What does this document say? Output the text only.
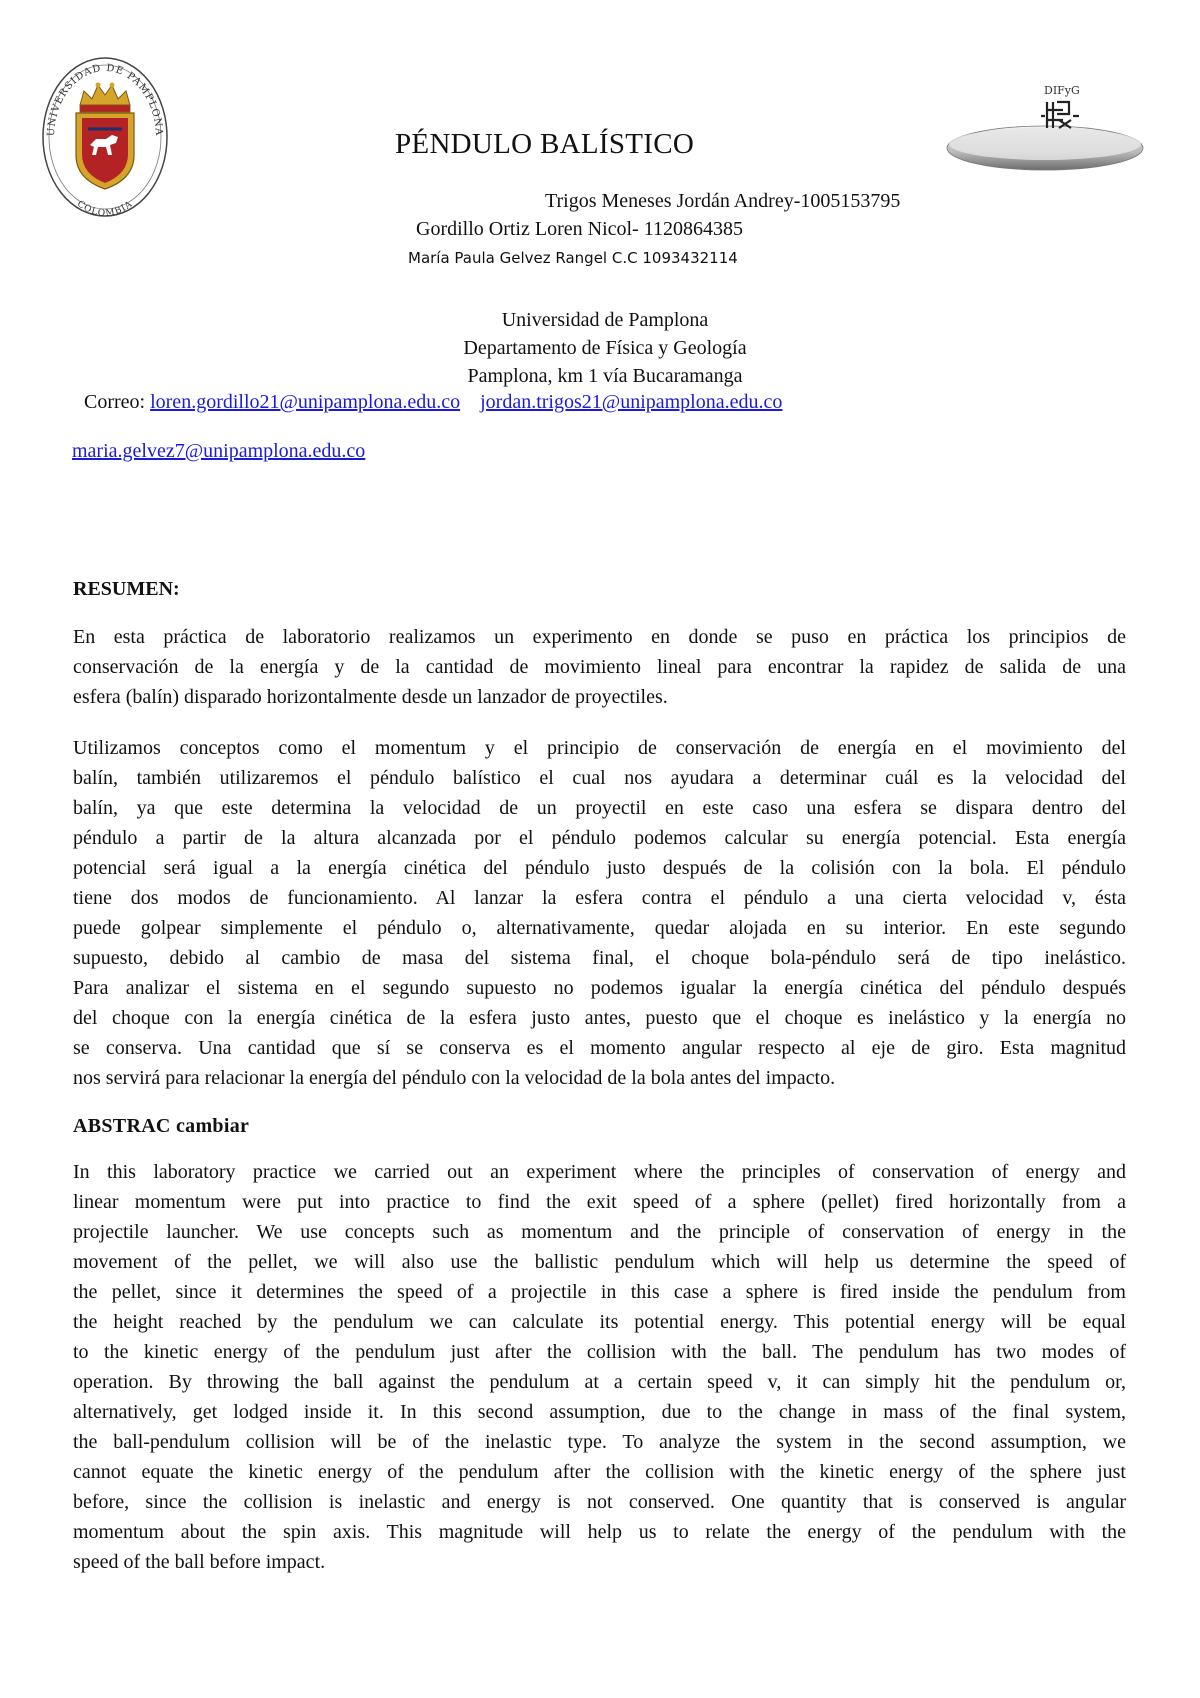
UNIVERSIDAD DE PAMPLONA
COLOMBIA
DIFyG
PÉNDULO BALÍSTICO
Trigos Meneses Jordán Andrey-1005153795
Gordillo Ortiz Loren Nicol- 1120864385
María Paula Gelvez Rangel C.C 1093432114
Universidad de Pamplona
Departamento de Física y Geología
Pamplona, km 1 vía Bucaramanga
Correo: loren.gordillo21@unipamplona.edu.co jordan.trigos21@unipamplona.edu.co
maria.gelvez7@unipamplona.edu.co
RESUMEN:
En esta práctica de laboratorio realizamos un experimento en donde se puso en práctica los principios de
conservación de la energía y de la cantidad de movimiento lineal para encontrar la rapidez de salida de una
esfera (balín) disparado horizontalmente desde un lanzador de proyectiles.
Utilizamos conceptos como el momentum y el principio de conservación de energía en el movimiento del
balín, también utilizaremos el péndulo balístico el cual nos ayudara a determinar cuál es la velocidad del
balín, ya que este determina la velocidad de un proyectil en este caso una esfera se dispara dentro del
péndulo a partir de la altura alcanzada por el péndulo podemos calcular su energía potencial. Esta energía
potencial será igual a la energía cinética del péndulo justo después de la colisión con la bola. El péndulo
tiene dos modos de funcionamiento. Al lanzar la esfera contra el péndulo a una cierta velocidad v, ésta
puede golpear simplemente el péndulo o, alternativamente, quedar alojada en su interior. En este segundo
supuesto, debido al cambio de masa del sistema final, el choque bola-péndulo será de tipo inelástico.
Para analizar el sistema en el segundo supuesto no podemos igualar la energía cinética del péndulo después
del choque con la energía cinética de la esfera justo antes, puesto que el choque es inelástico y la energía no
se conserva. Una cantidad que sí se conserva es el momento angular respecto al eje de giro. Esta magnitud
nos servirá para relacionar la energía del péndulo con la velocidad de la bola antes del impacto.
ABSTRAC cambiar
In this laboratory practice we carried out an experiment where the principles of conservation of energy and
linear momentum were put into practice to find the exit speed of a sphere (pellet) fired horizontally from a
projectile launcher. We use concepts such as momentum and the principle of conservation of energy in the
movement of the pellet, we will also use the ballistic pendulum which will help us determine the speed of
the pellet, since it determines the speed of a projectile in this case a sphere is fired inside the pendulum from
the height reached by the pendulum we can calculate its potential energy. This potential energy will be equal
to the kinetic energy of the pendulum just after the collision with the ball. The pendulum has two modes of
operation. By throwing the ball against the pendulum at a certain speed v, it can simply hit the pendulum or,
alternatively, get lodged inside it. In this second assumption, due to the change in mass of the final system,
the ball-pendulum collision will be of the inelastic type. To analyze the system in the second assumption, we
cannot equate the kinetic energy of the pendulum after the collision with the kinetic energy of the sphere just
before, since the collision is inelastic and energy is not conserved. One quantity that is conserved is angular
momentum about the spin axis. This magnitude will help us to relate the energy of the pendulum with the
speed of the ball before impact.
